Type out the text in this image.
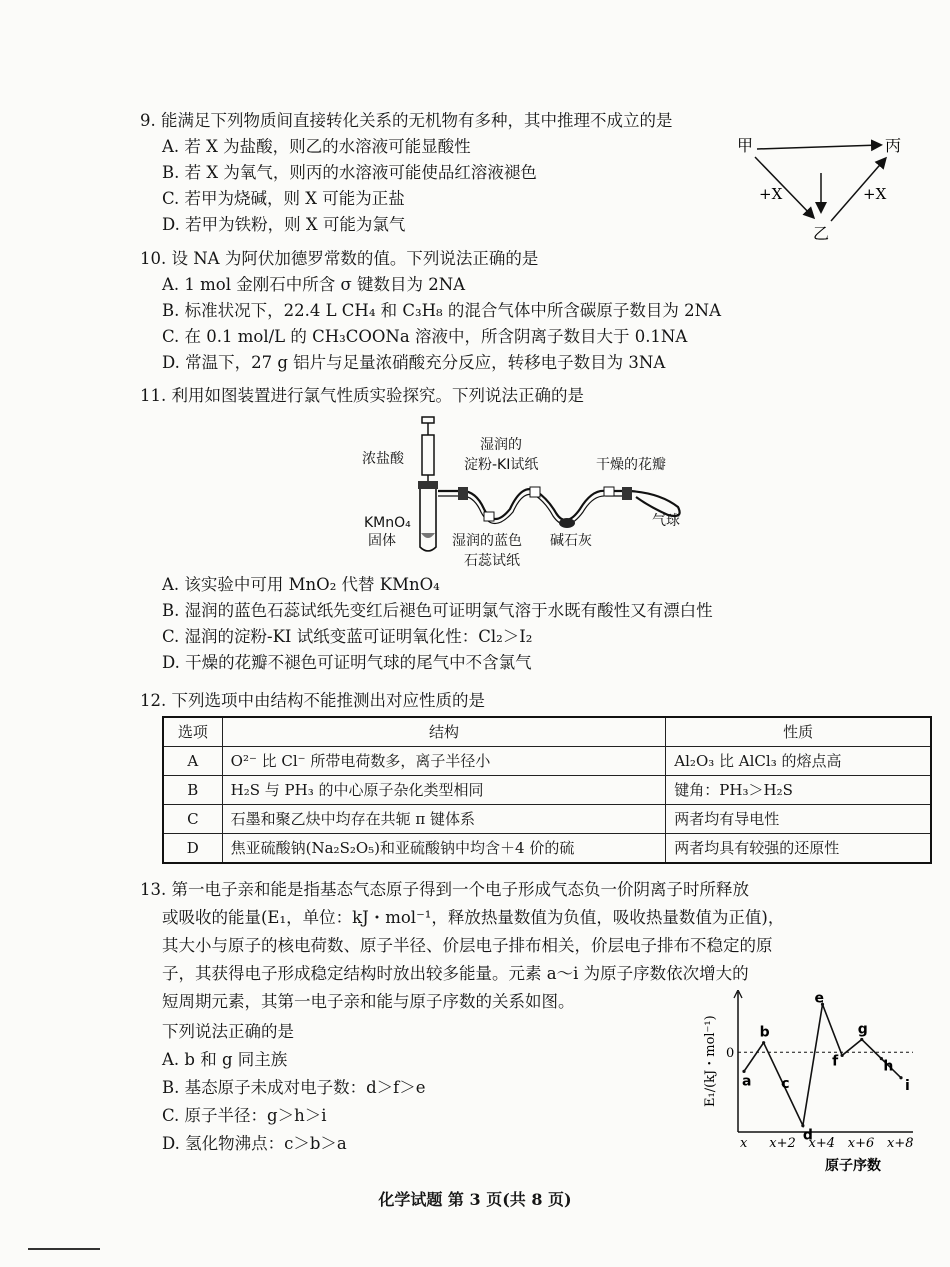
9. 能满足下列物质间直接转化关系的无机物有多种，其中推理不成立的是
A. 若 X 为盐酸，则乙的水溶液可能显酸性
B. 若 X 为氧气，则丙的水溶液可能使品红溶液褪色
C. 若甲为烧碱，则 X 可能为正盐
D. 若甲为铁粉，则 X 可能为氯气
甲	丙
乙
+X	+X
10. 设 NA 为阿伏加德罗常数的值。下列说法正确的是
A. 1 mol 金刚石中所含 σ 键数目为 2NA
B. 标准状况下，22.4 L CH₄ 和 C₃H₈ 的混合气体中所含碳原子数目为 2NA
C. 在 0.1 mol/L 的 CH₃COONa 溶液中，所含阴离子数目大于 0.1NA
D. 常温下，27 g 铝片与足量浓硝酸充分反应，转移电子数目为 3NA
11. 利用如图装置进行氯气性质实验探究。下列说法正确的是
浓盐酸
KMnO₄
固体
湿润的
淀粉-KI试纸	干燥的花瓣
气球
湿润的蓝色
石蕊试纸
碱石灰
A. 该实验中可用 MnO₂ 代替 KMnO₄
B. 湿润的蓝色石蕊试纸先变红后褪色可证明氯气溶于水既有酸性又有漂白性
C. 湿润的淀粉-KI 试纸变蓝可证明氧化性：Cl₂＞I₂
D. 干燥的花瓣不褪色可证明气球的尾气中不含氯气
12. 下列选项中由结构不能推测出对应性质的是
选项	结构	性质
A	O²⁻ 比 Cl⁻ 所带电荷数多，离子半径小	Al₂O₃ 比 AlCl₃ 的熔点高
B	H₂S 与 PH₃ 的中心原子杂化类型相同	键角：PH₃＞H₂S
C	石墨和聚乙炔中均存在共轭 π 键体系	两者均有导电性
D	焦亚硫酸钠(Na₂S₂O₅)和亚硫酸钠中均含＋4 价的硫	两者均具有较强的还原性
13. 第一电子亲和能是指基态气态原子得到一个电子形成气态负一价阴离子时所释放
或吸收的能量(E₁，单位：kJ・mol⁻¹，释放热量数值为负值，吸收热量数值为正值)，
其大小与原子的核电荷数、原子半径、价层电子排布相关，价层电子排布不稳定的原
子，其获得电子形成稳定结构时放出较多能量。元素 a～i 为原子序数依次增大的
短周期元素，其第一电子亲和能与原子序数的关系如图。
下列说法正确的是
A. b 和 g 同主族
B. 基态原子未成对电子数：d＞f＞e
C. 原子半径：g＞h＞i
D. 氢化物沸点：c＞b＞a
0
E₁/(kJ・mol⁻¹)
x x+2 x+4 x+6 x+8
原子序数
a
b
c
d
e
f
g
h
i
化学试题 第 3 页(共 8 页)
